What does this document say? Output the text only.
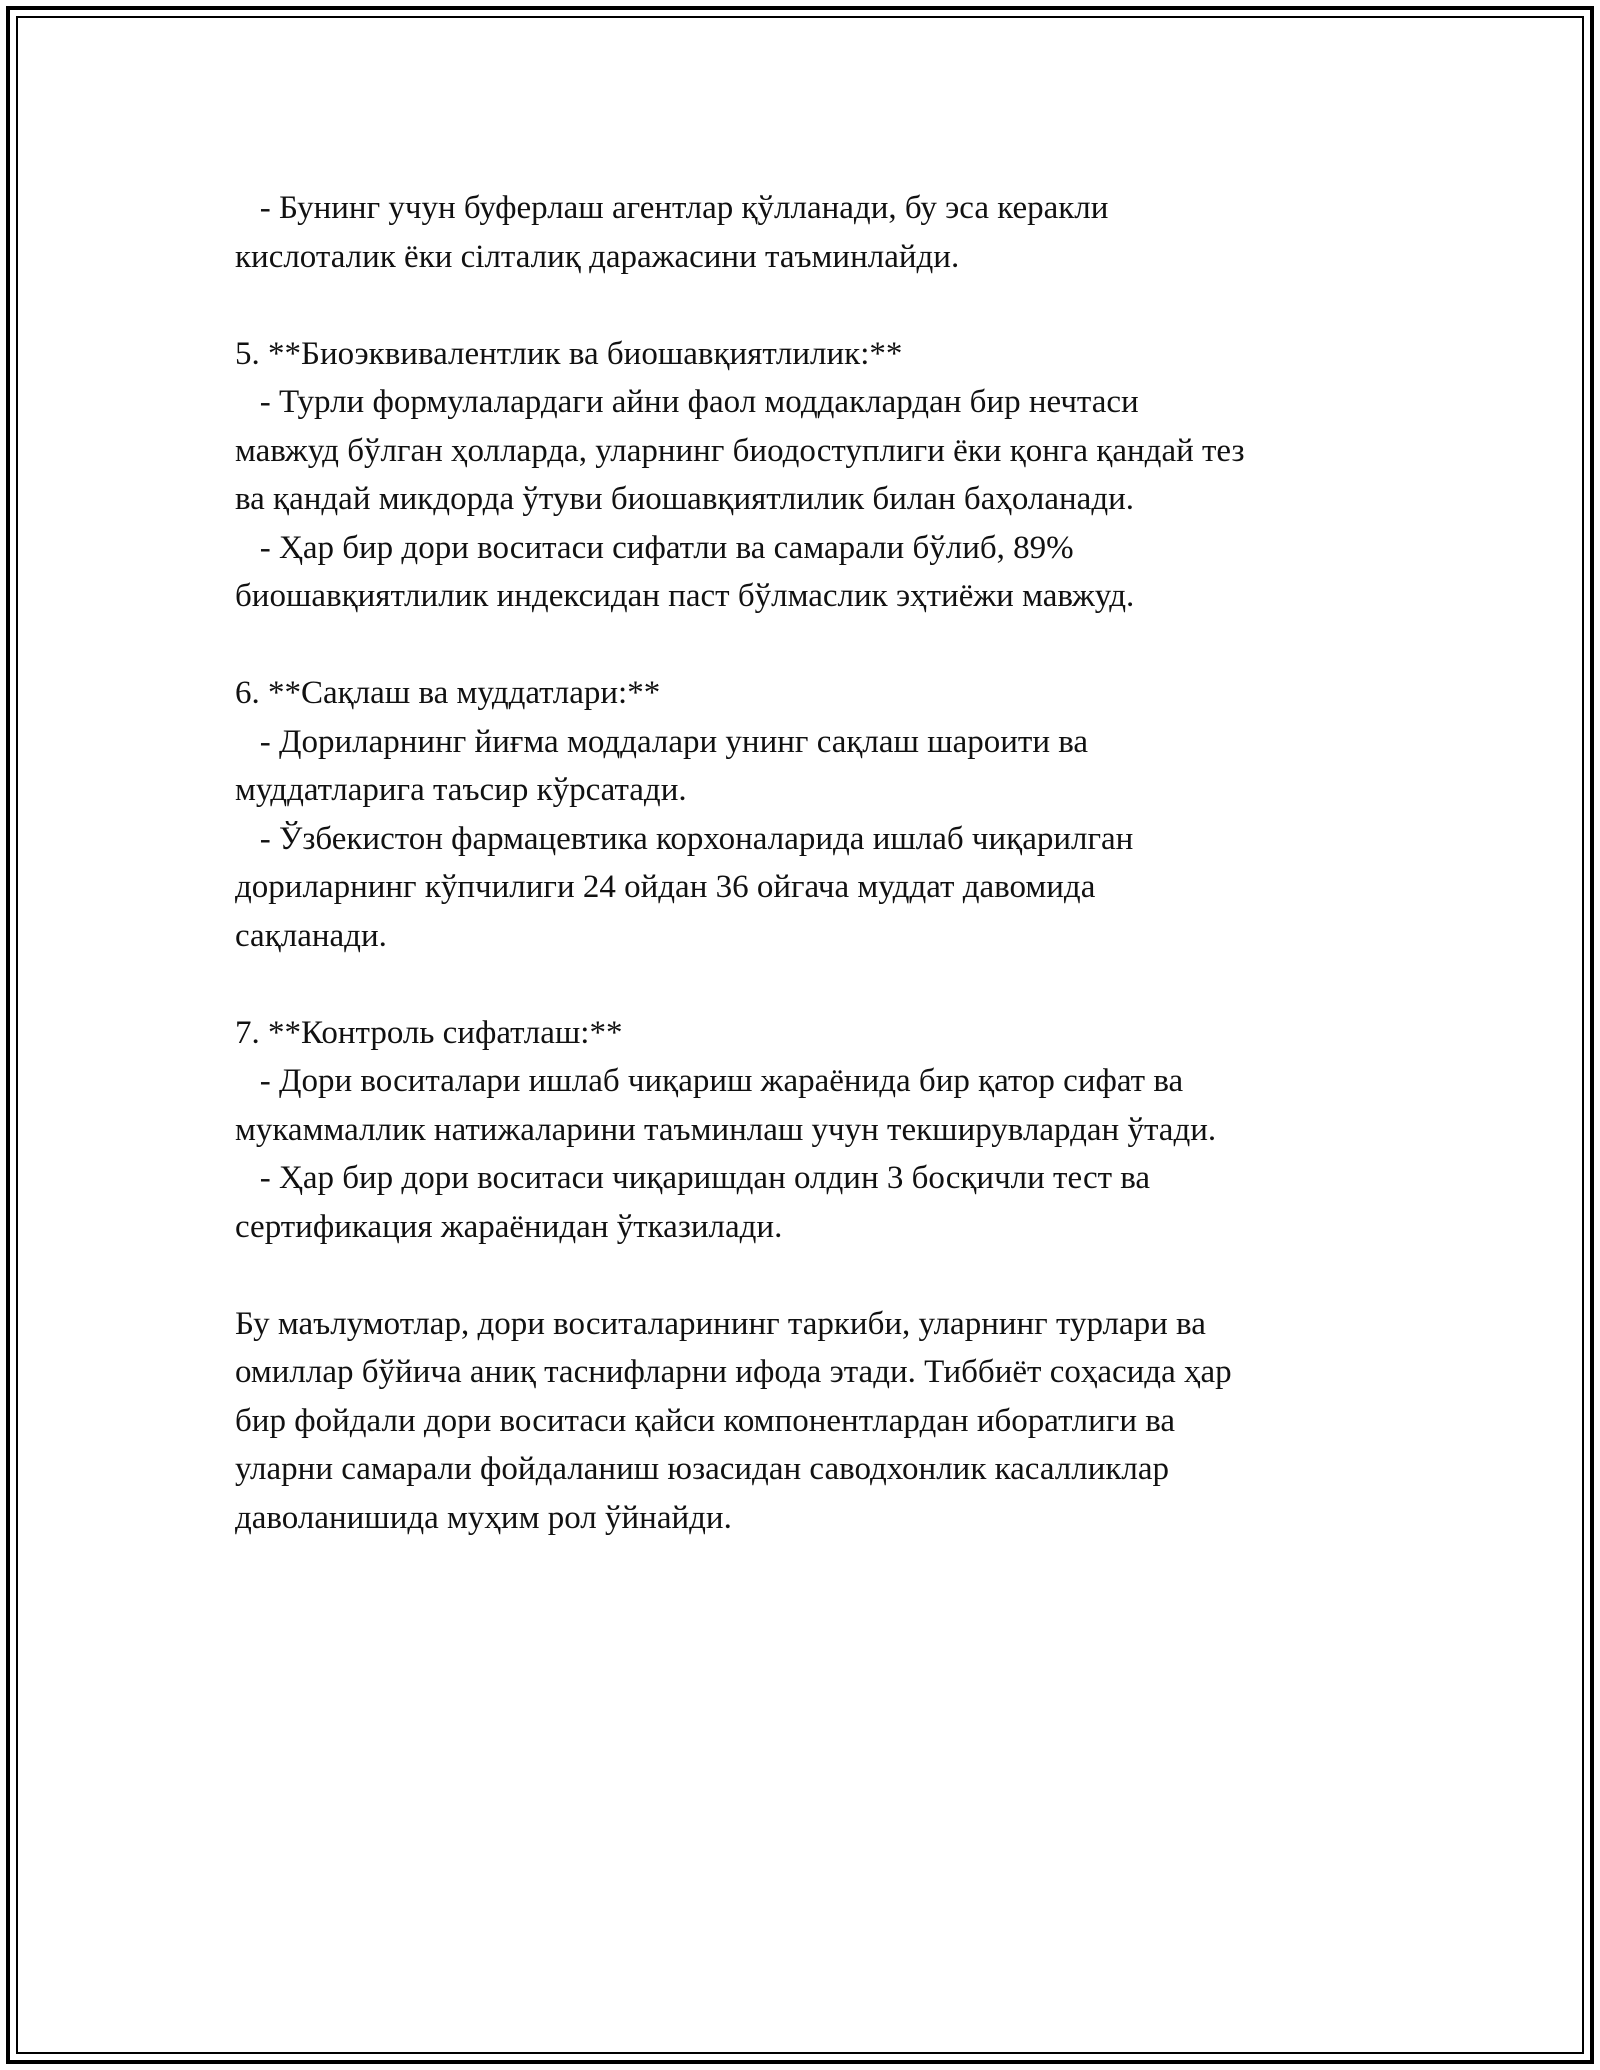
- Бунинг учун буферлаш агентлар қўлланади, бу эса керакли
кислоталик ёки сілталиқ даражасини таъминлайди.
5. **Биоэквивалентлик ва биошавқиятлилик:**
- Турли формулалардаги айни фаол моддаклардан бир нечтаси
мавжуд бўлган ҳолларда, уларнинг биодоступлиги ёки қонга қандай тез
ва қандай микдорда ўтуви биошавқиятлилик билан баҳоланади.
- Ҳар бир дори воситаси сифатли ва самарали бўлиб, 89%
биошавқиятлилик индексидан паст бўлмаслик эҳтиёжи мавжуд.
6. **Сақлаш ва муддатлари:**
- Дориларнинг йиғма моддалари унинг сақлаш шароити ва
муддатларига таъсир кўрсатади.
- Ўзбекистон фармацевтика корхоналарида ишлаб чиқарилган
дориларнинг кўпчилиги 24 ойдан 36 ойгача муддат давомида
сақланади.
7. **Контроль сифатлаш:**
- Дори воситалари ишлаб чиқариш жараёнида бир қатор сифат ва
мукаммаллик натижаларини таъминлаш учун текширувлардан ўтади.
- Ҳар бир дори воситаси чиқаришдан олдин 3 босқичли тест ва
сертификация жараёнидан ўтказилади.
Бу маълумотлар, дори воситаларининг таркиби, уларнинг турлари ва
омиллар бўйича аниқ таснифларни ифода этади. Тиббиёт соҳасида ҳар
бир фойдали дори воситаси қайси компонентлардан иборатлиги ва
уларни самарали фойдаланиш юзасидан саводхонлик касалликлар
даволанишида муҳим рол ўйнайди.
